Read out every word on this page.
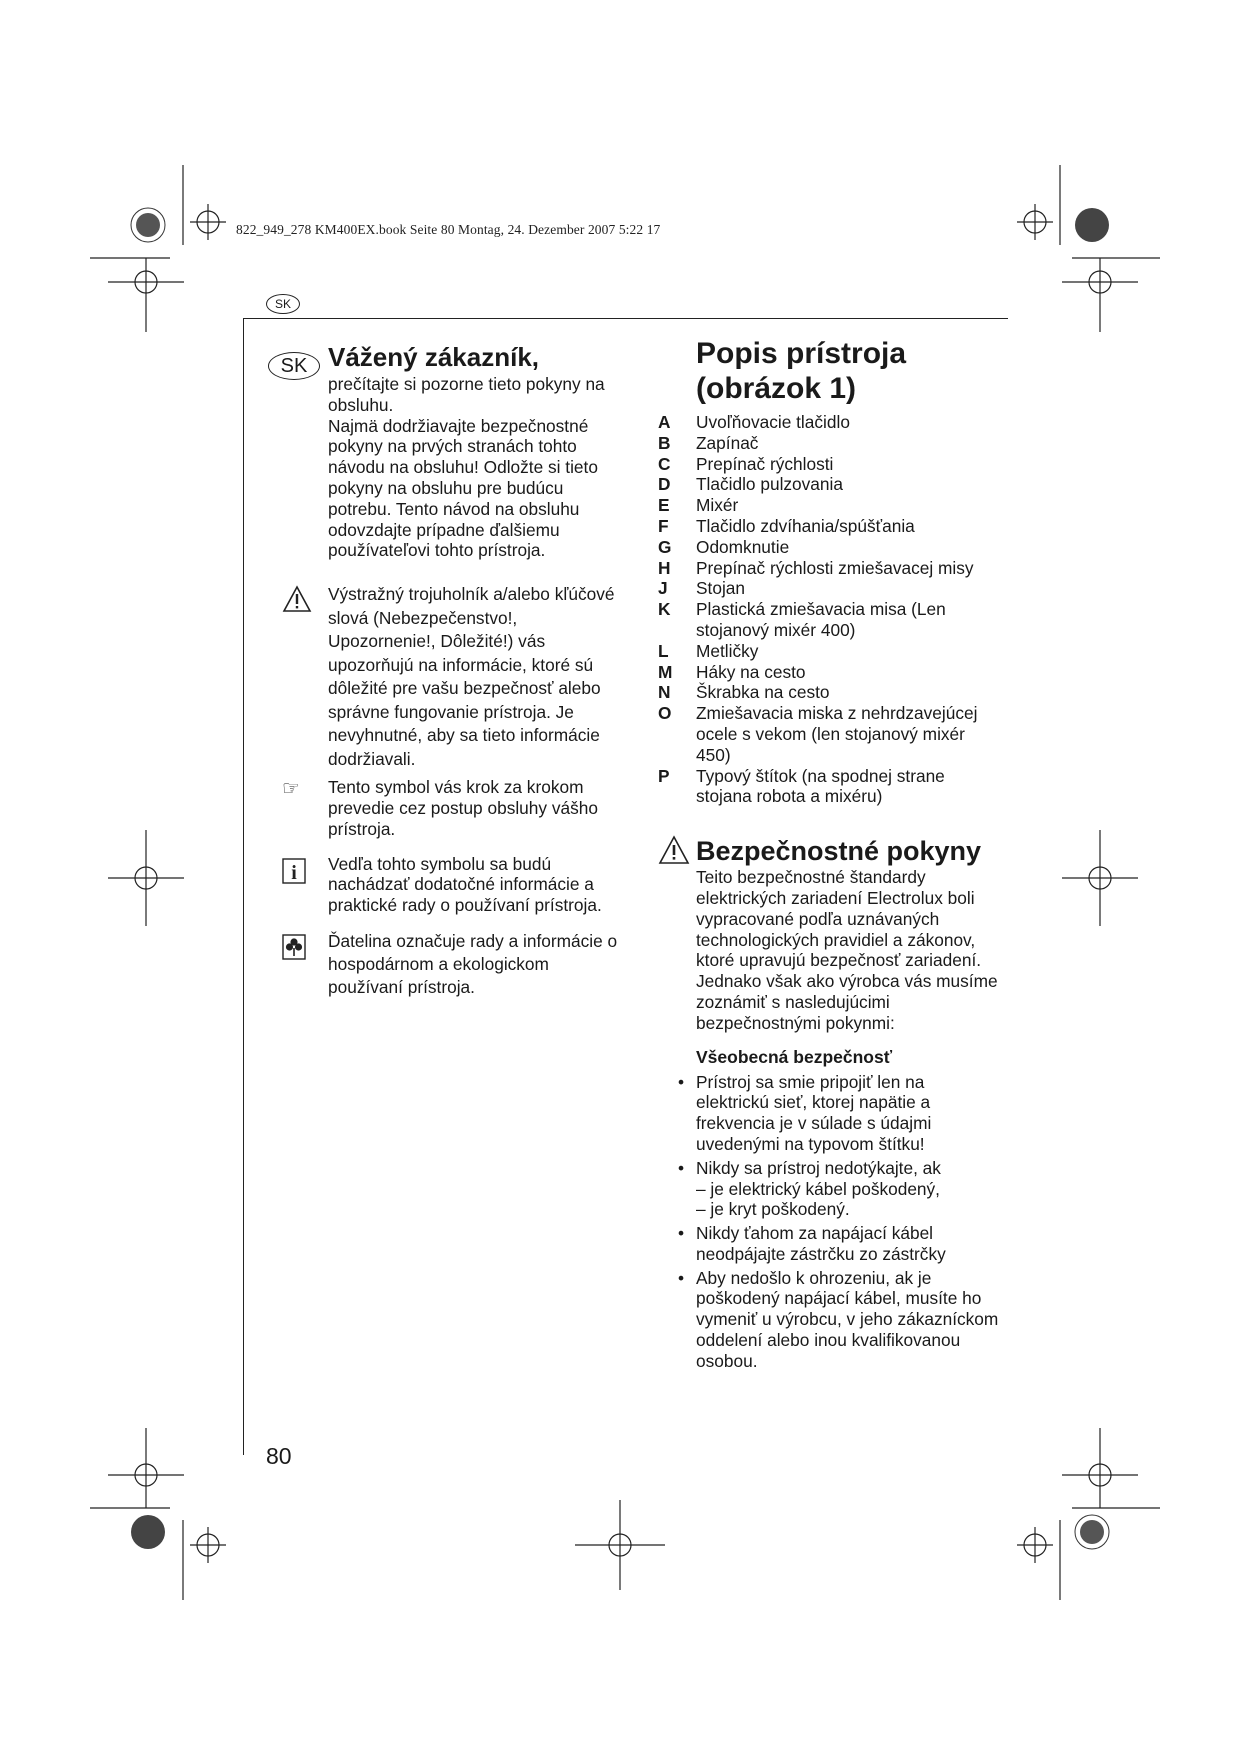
822_949_278 KM400EX.book Seite 80 Montag, 24. Dezember 2007 5:22 17
SK
SK Vážený zákazník,
prečítajte si pozorne tieto pokyny na obsluhu.
Najmä dodržiavajte bezpečnostné pokyny na prvých stranách tohto návodu na obsluhu! Odložte si tieto pokyny na obsluhu pre budúcu potrebu. Tento návod na obsluhu odovzdajte prípadne ďalšiemu používateľovi tohto prístroja.

Výstražný trojuholník a/alebo kľúčové slová (Nebezpečenstvo!, Upozornenie!, Dôležité!) vás upozorňujú na informácie, ktoré sú dôležité pre vašu bezpečnosť alebo správne fungovanie prístroja. Je nevyhnutné, aby sa tieto informácie dodržiavali.

☞ Tento symbol vás krok za krokom prevedie cez postup obsluhy vášho prístroja.

i Vedľa tohto symbolu sa budú nachádzať dodatočné informácie a praktické rady o používaní prístroja.

Ďatelina označuje rady a informácie o hospodárnom a ekologickom používaní prístroja.

Popis prístroja
(obrázok 1)
A	Uvoľňovacie tlačidlo
B	Zapínač
C	Prepínač rýchlosti
D	Tlačidlo pulzovania
E	Mixér
F	Tlačidlo zdvíhania/spúšťania
G	Odomknutie
H	Prepínač rýchlosti zmiešavacej misy
J	Stojan
K	Plastická zmiešavacia misa (Len stojanový mixér 400)
L	Metličky
M	Háky na cesto
N	Škrabka na cesto
O	Zmiešavacia miska z nehrdzavejúcej ocele s vekom (len stojanový mixér 450)
P	Typový štítok (na spodnej strane stojana robota a mixéru)
Bezpečnostné pokyny
Teito bezpečnostné štandardy elektrických zariadení Electrolux boli vypracované podľa uznávaných technologických pravidiel a zákonov, ktoré upravujú bezpečnosť zariadení. Jednako však ako výrobca vás musíme zoznámiť s nasledujúcimi bezpečnostnými pokynmi:
Všeobecná bezpečnosť
• Prístroj sa smie pripojiť len na elektrickú sieť, ktorej napätie a frekvencia je v súlade s údajmi uvedenými na typovom štítku!
• Nikdy sa prístroj nedotýkajte, ak
– je elektrický kábel poškodený,
– je kryt poškodený.
• Nikdy ťahom za napájací kábel neodpájajte zástrčku zo zástrčky
• Aby nedošlo k ohrozeniu, ak je poškodený napájací kábel, musíte ho vymeniť u výrobcu, v jeho zákazníckom oddelení alebo inou kvalifikovanou osobou.
80
